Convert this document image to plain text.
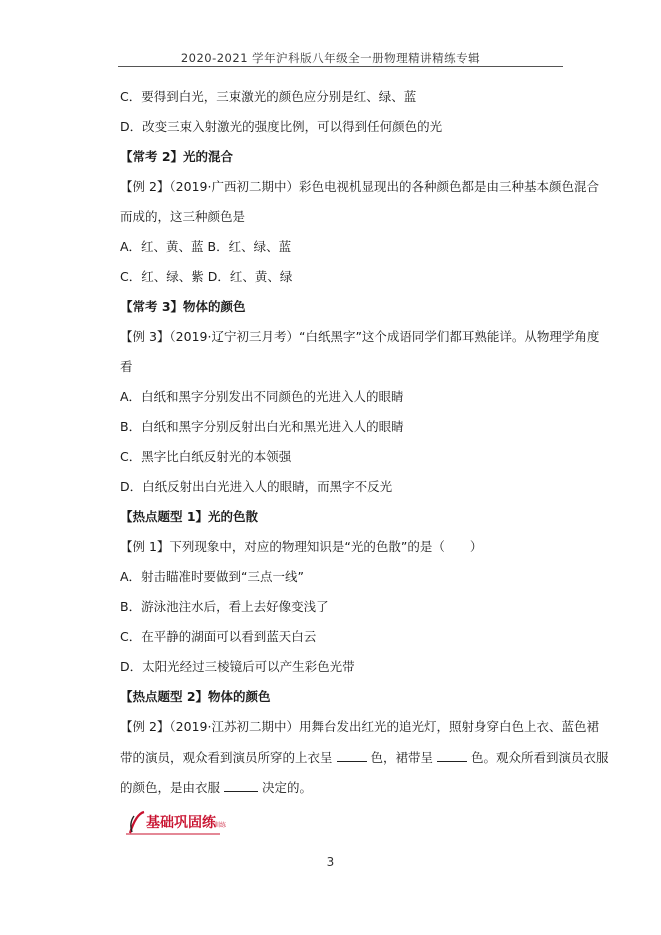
2020-2021 学年沪科版八年级全一册物理精讲精练专辑
C．要得到白光，三束激光的颜色应分别是红、绿、蓝
D．改变三束入射激光的强度比例，可以得到任何颜色的光
【常考 2】光的混合
【例 2】（2019·广西初二期中）彩色电视机显现出的各种颜色都是由三种基本颜色混合
而成的，这三种颜色是
A．红、黄、蓝 B．红、绿、蓝
C．红、绿、紫 D．红、黄、绿
【常考 3】物体的颜色
【例 3】（2019·辽宁初三月考）“白纸黑字”这个成语同学们都耳熟能详。从物理学角度
看
A．白纸和黑字分别发出不同颜色的光进入人的眼睛
B．白纸和黑字分别反射出白光和黑光进入人的眼睛
C．黑字比白纸反射光的本领强
D．白纸反射出白光进入人的眼睛，而黑字不反光
【热点题型 1】光的色散
【例 1】下列现象中，对应的物理知识是“光的色散”的是（　　）
A．射击瞄准时要做到“三点一线”
B．游泳池注水后，看上去好像变浅了
C．在平静的湖面可以看到蓝天白云
D．太阳光经过三棱镜后可以产生彩色光带
【热点题型 2】物体的颜色
【例 2】（2019·江苏初二期中）用舞台发出红光的追光灯，照射身穿白色上衣、蓝色裙
带的演员，观众看到演员所穿的上衣呈	色，裙带呈	色。观众所看到演员衣服
的颜色，是由衣服	决定的。
基础巩固练
训练
3
